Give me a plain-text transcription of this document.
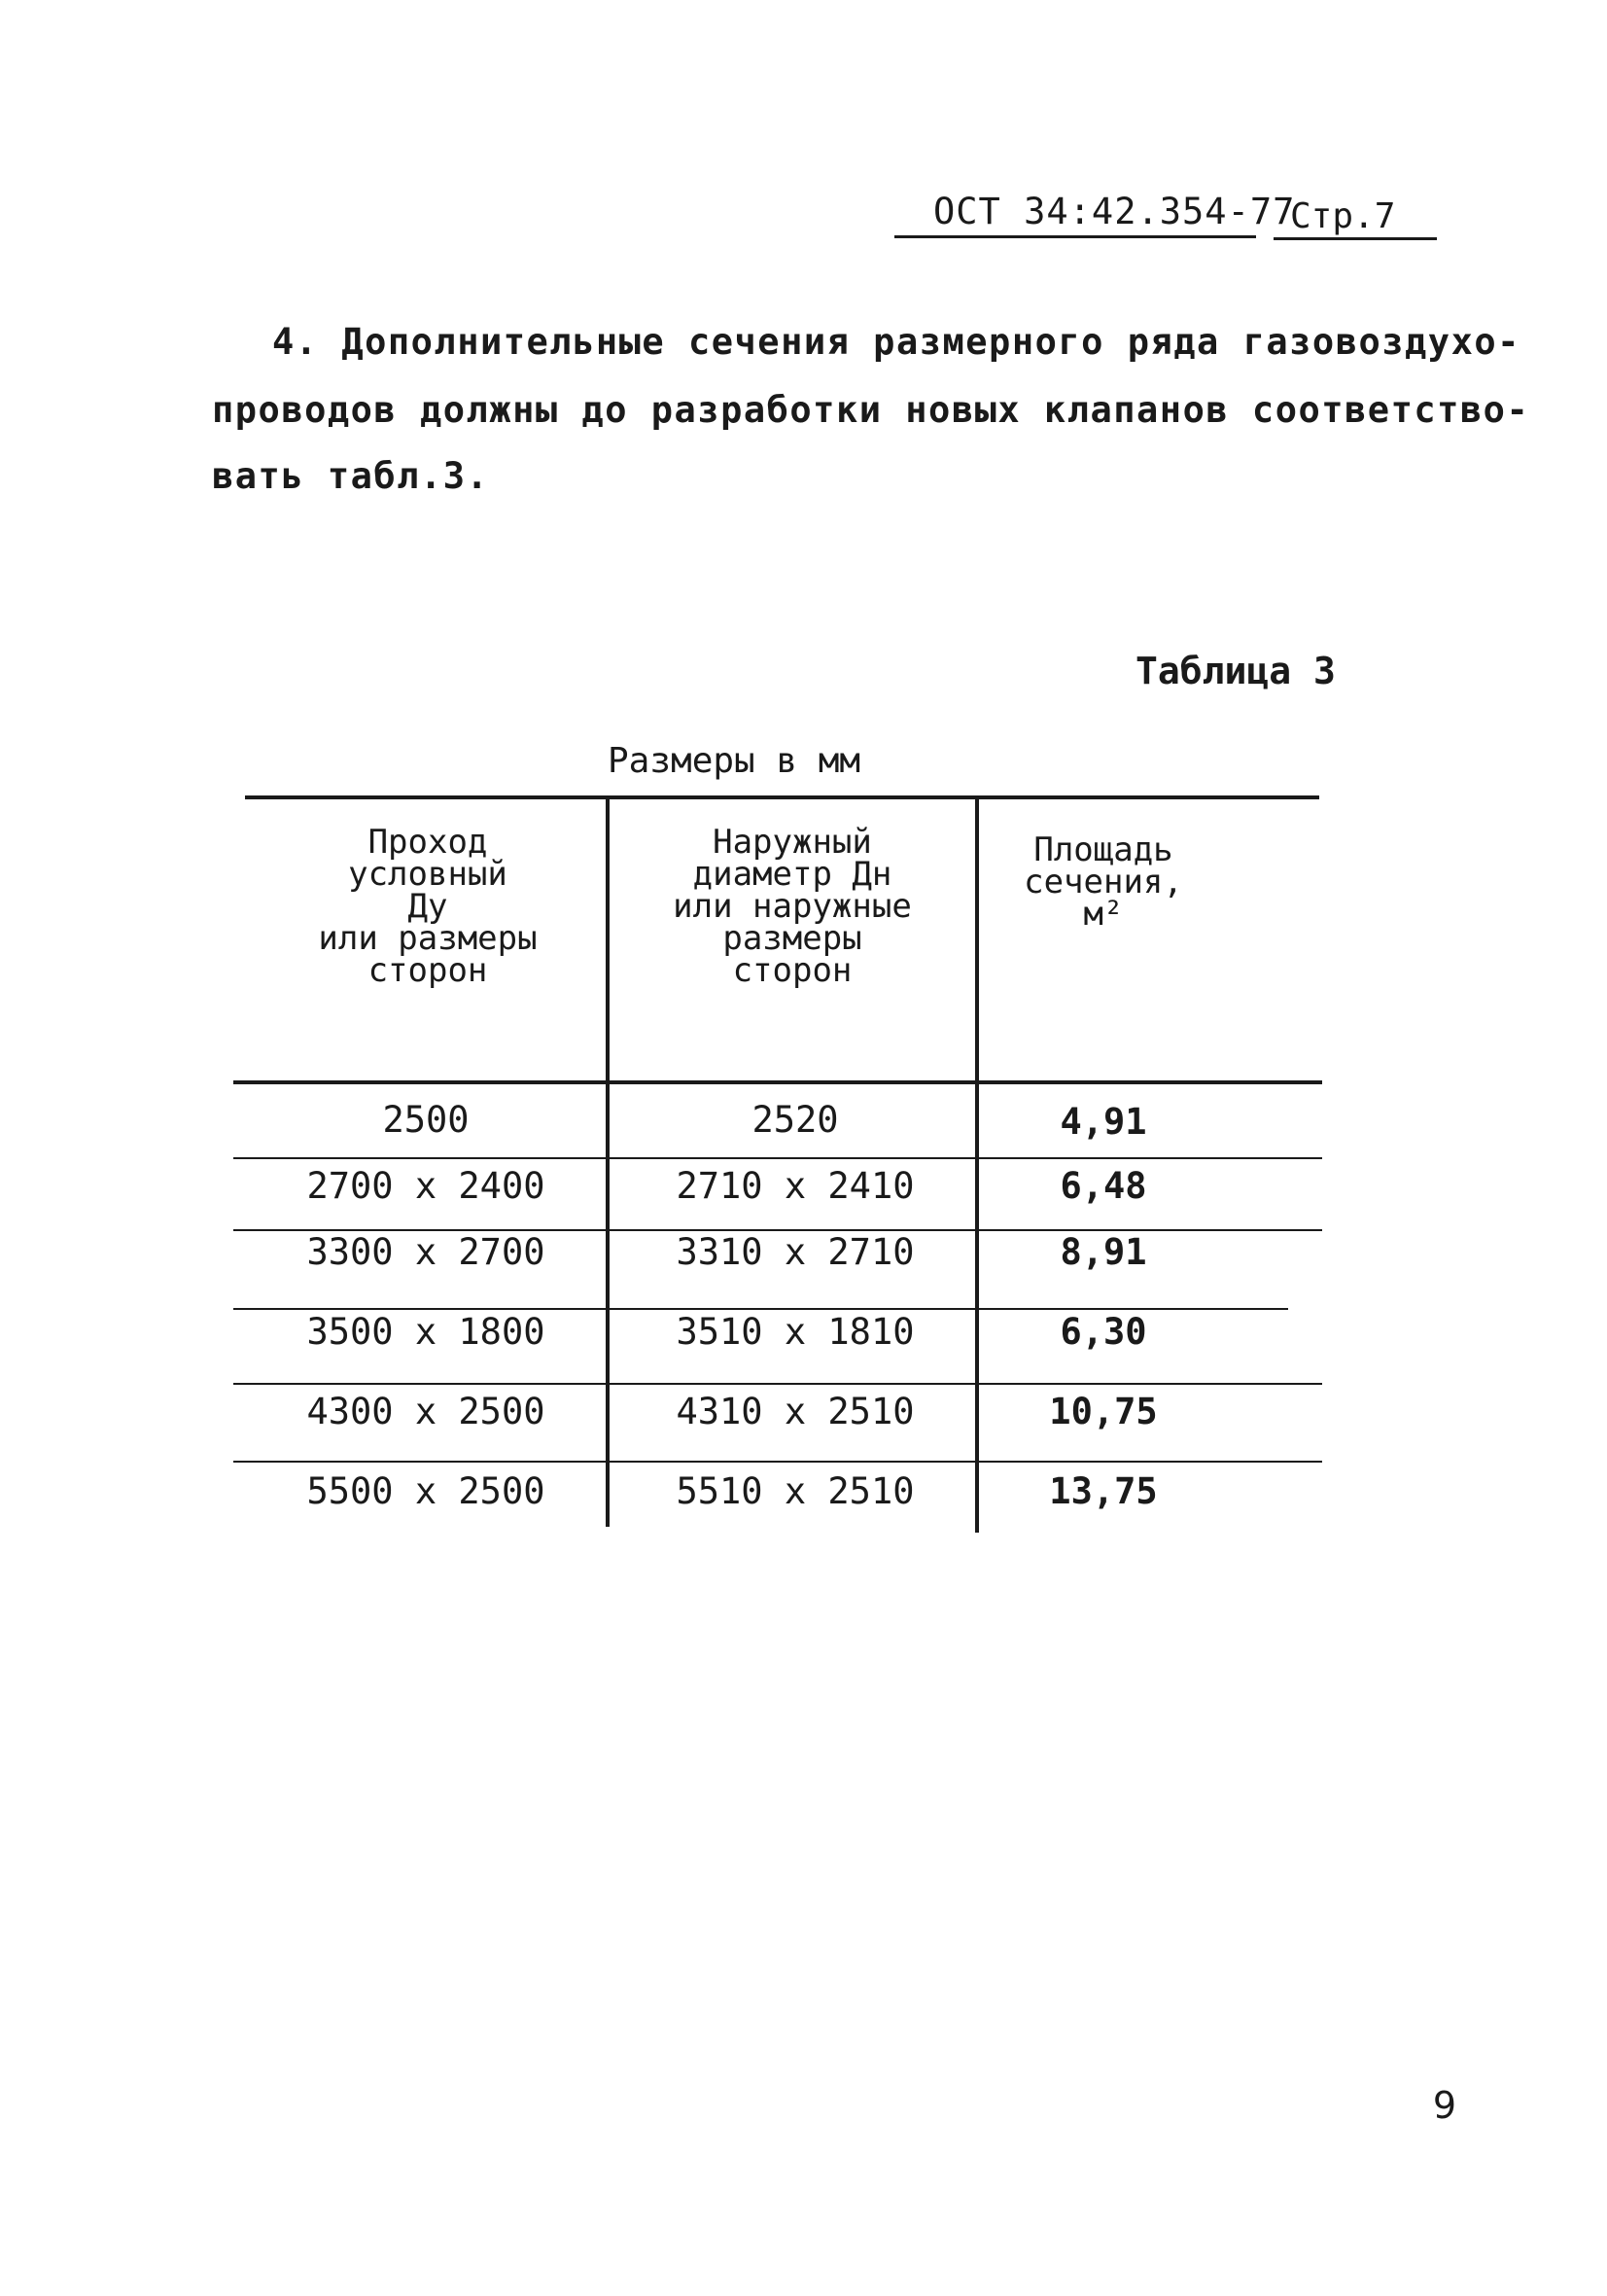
ОСТ 34:42.354-77
Стр.7
4. Дополнительные сечения размерного ряда газовоздухо-
проводов должны до разработки новых клапанов соответство-
вать табл.3.
Таблица 3
Размеры в мм
Проход
условный
Ду
или размеры
сторон
Наружный
диаметр Дн
или наружные
размеры
сторон
Площадь
сечения,
м²
2500	2520	4,91
2700 x 2400	2710 x 2410	6,48
3300 x 2700	3310 x 2710	8,91
3500 x 1800	3510 x 1810	6,30
4300 x 2500	4310 x 2510	10,75
5500 x 2500	5510 x 2510	13,75
9
